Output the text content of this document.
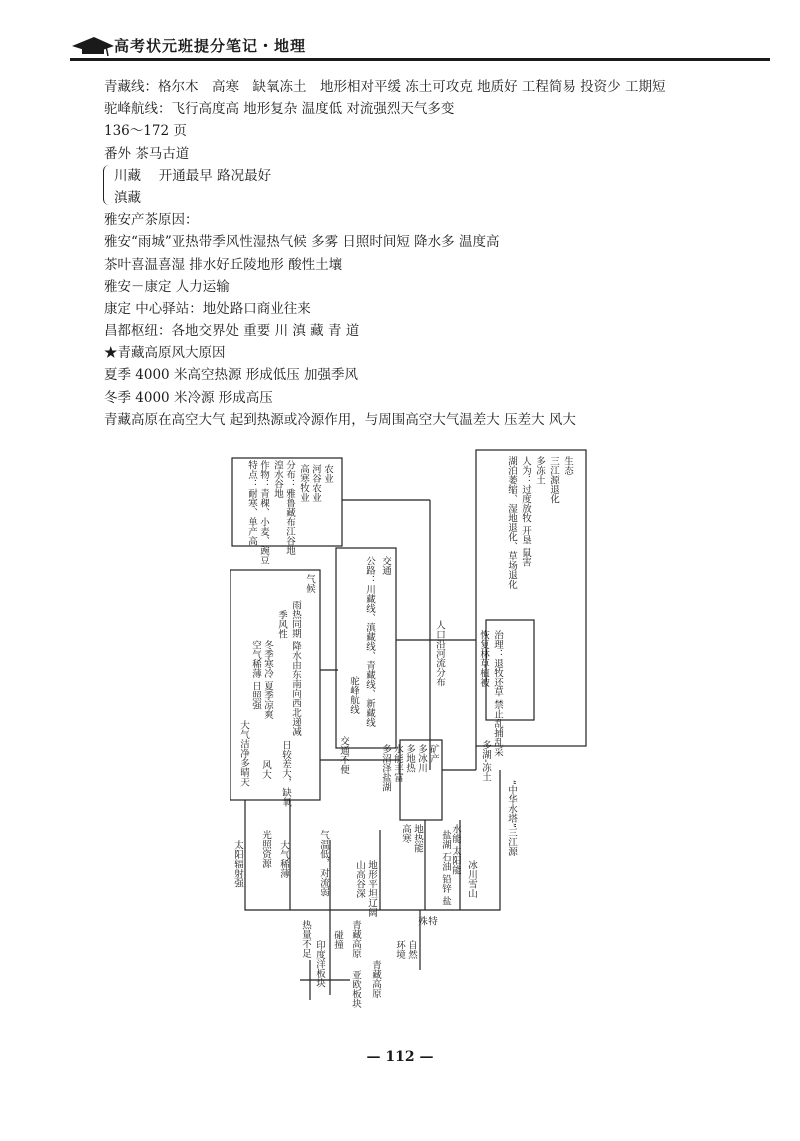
高考状元班提分笔记・地理
青藏线：格尔木　高寒　缺氧冻土　地形相对平缓 冻土可攻克 地质好 工程简易 投资少 工期短
驼峰航线：飞行高度高 地形复杂 温度低 对流强烈天气多变
136～172 页
番外 茶马古道
川藏　 开通最早 路况最好
滇藏
雅安产茶原因：
雅安“雨城”亚热带季风性湿热气候 多雾 日照时间短 降水多 温度高
茶叶喜温喜湿 排水好丘陵地形 酸性土壤
雅安－康定 人力运输
康定 中心驿站：地处路口商业往来
昌都枢纽：各地交界处 重要 川 滇 藏 青 道
★青藏高原风大原因
夏季 4000 米高空热源 形成低压 加强季风
冬季 4000 米冷源 形成高压
青藏高原在高空大气 起到热源或冷源作用，与周围高空大气温差大 压差大 风大
农业
河谷农业
高寒牧业
分布：雅鲁藏布江谷地
湟水谷地
作物：青稞、小麦、豌豆
特点：耐寒、单产高
气候
雨热同期 降水由东南向西北递减
季风性
冬季寒冷 夏季凉爽
空气稀薄 日照强
大气洁净多晴天	日较差大，缺氧
风大
交通
公路：川藏线、滇藏线、青藏线、新藏线
驼峰航线
交通不便
人口沿河流分布
生态
三江源退化
多冻土
人为：过度放牧 开垦 鼠害
湖泊萎缩、湿地退化、草场退化
治理：退牧还草 禁止乱捕乱采
恢复林草植被
矿产
多冰川
多地热
水能丰富
多沼泽盐湖
太阳辐射强	大气稀薄	气温低，对流弱
青藏高原
地形平坦辽阔
山高谷深	冰川雪山
盐湖 石油 铅锌 盐
“中华水塔”三江源
多湖-冻土
高寒 地热能
光照资源
热量不足
水能 太阳能
印度洋板块
碰撞
亚欧板块 青藏高原
特
殊
自然
环境
— 112 —
